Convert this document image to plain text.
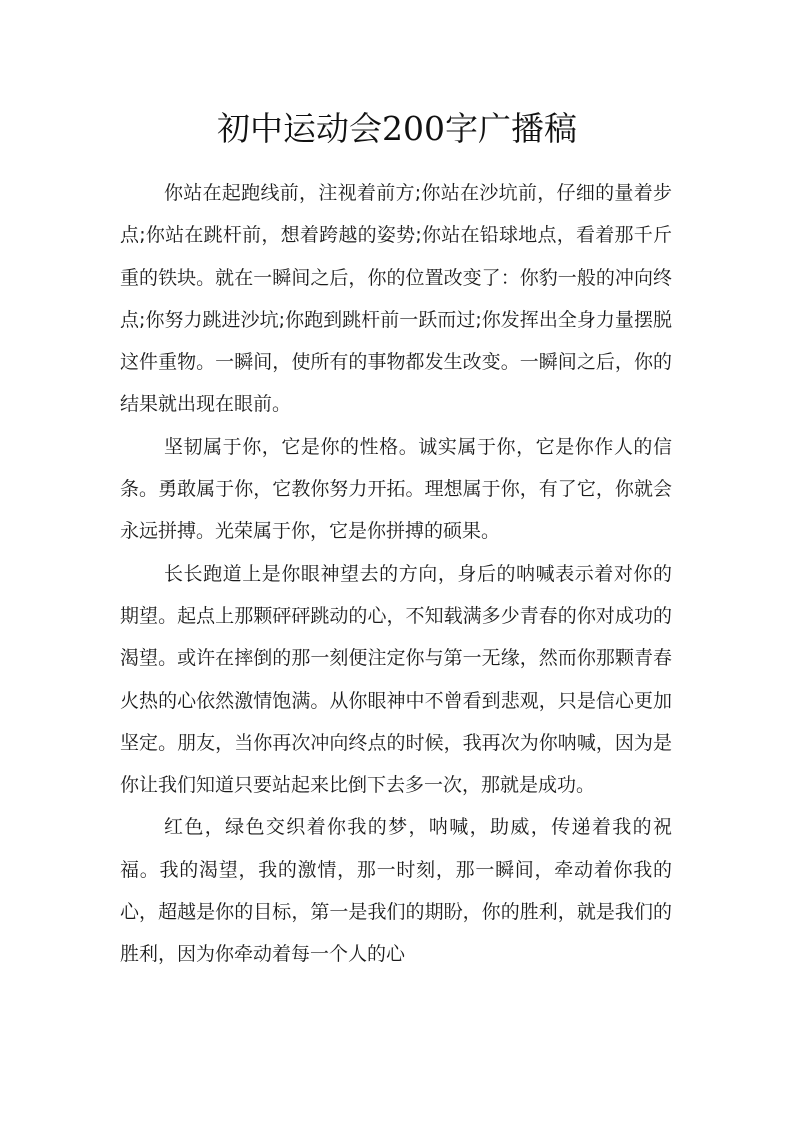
初中运动会200字广播稿

你站在起跑线前，注视着前方;你站在沙坑前，仔细的量着步点;你站在跳杆前，想着跨越的姿势;你站在铅球地点，看着那千斤重的铁块。就在一瞬间之后，你的位置改变了：你豹一般的冲向终点;你努力跳进沙坑;你跑到跳杆前一跃而过;你发挥出全身力量摆脱这件重物。一瞬间，使所有的事物都发生改变。一瞬间之后，你的结果就出现在眼前。

坚韧属于你，它是你的性格。诚实属于你，它是你作人的信条。勇敢属于你，它教你努力开拓。理想属于你，有了它，你就会永远拼搏。光荣属于你，它是你拼搏的硕果。

长长跑道上是你眼神望去的方向，身后的呐喊表示着对你的期望。起点上那颗砰砰跳动的心，不知载满多少青春的你对成功的渴望。或许在摔倒的那一刻便注定你与第一无缘，然而你那颗青春火热的心依然激情饱满。从你眼神中不曾看到悲观，只是信心更加坚定。朋友，当你再次冲向终点的时候，我再次为你呐喊，因为是你让我们知道只要站起来比倒下去多一次，那就是成功。

红色，绿色交织着你我的梦，呐喊，助威，传递着我的祝福。我的渴望，我的激情，那一时刻，那一瞬间，牵动着你我的心，超越是你的目标，第一是我们的期盼，你的胜利，就是我们的胜利，因为你牵动着每一个人的心
